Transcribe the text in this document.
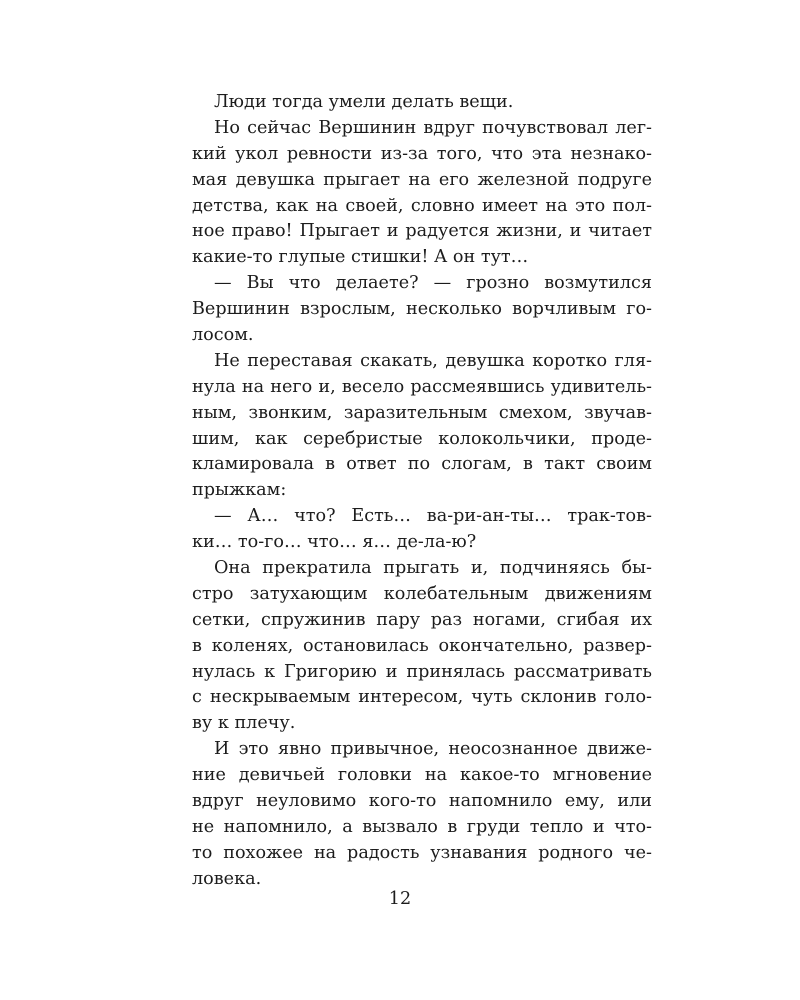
Люди тогда умели делать вещи.
Но сейчас Вершинин вдруг почувствовал лег-
кий укол ревности из-за того, что эта незнако-
мая девушка прыгает на его железной подруге
детства, как на своей, словно имеет на это пол-
ное право! Прыгает и радуется жизни, и читает
какие-то глупые стишки! А он тут…
— Вы что делаете? — грозно возмутился
Вершинин взрослым, несколько ворчливым го-
лосом.
Не переставая скакать, девушка коротко гля-
нула на него и, весело рассмеявшись удивитель-
ным, звонким, заразительным смехом, звучав-
шим, как серебристые колокольчики, проде-
кламировала в ответ по слогам, в такт своим
прыжкам:
— А… что? Есть… ва-ри-ан-ты… трак-тов-
ки… то-го… что… я… де-ла-ю?
Она прекратила прыгать и, подчиняясь бы-
стро затухающим колебательным движениям
сетки, спружинив пару раз ногами, сгибая их
в коленях, остановилась окончательно, развер-
нулась к Григорию и принялась рассматривать
с нескрываемым интересом, чуть склонив голо-
ву к плечу.
И это явно привычное, неосознанное движе-
ние девичьей головки на какое-то мгновение
вдруг неуловимо кого-то напомнило ему, или
не напомнило, а вызвало в груди тепло и что-
то похожее на радость узнавания родного че-
ловека.
12
